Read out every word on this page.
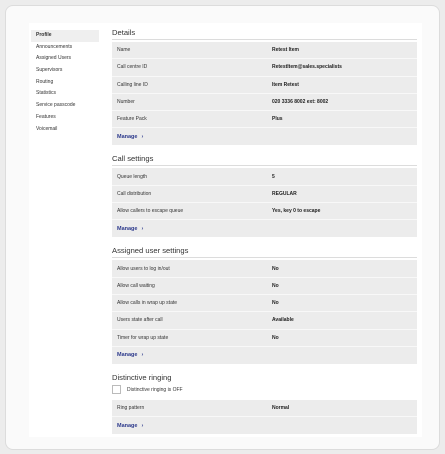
Profile
Announcements
Assigned Users
Supervisors
Routing
Statistics
Service passcode
Features
Voicemail
Details
Name	Retest Item
Call centre ID	RetestItem@sales.specialists
Calling line ID	Item Retest
Number	020 3336 8002 ext: 8002
Feature Pack	Plus
Manage ›
Call settings
Queue length	5
Call distribution	REGULAR
Allow callers to escape queue	Yes, key 0 to escape
Manage ›
Assigned user settings
Allow users to log in/out	No
Allow call waiting	No
Allow calls in wrap up state	No
Users state after call	Available
Timer for wrap up state	No
Manage ›
Distinctive ringing
Distinctive ringing is OFF
Ring pattern	Normal
Manage ›
